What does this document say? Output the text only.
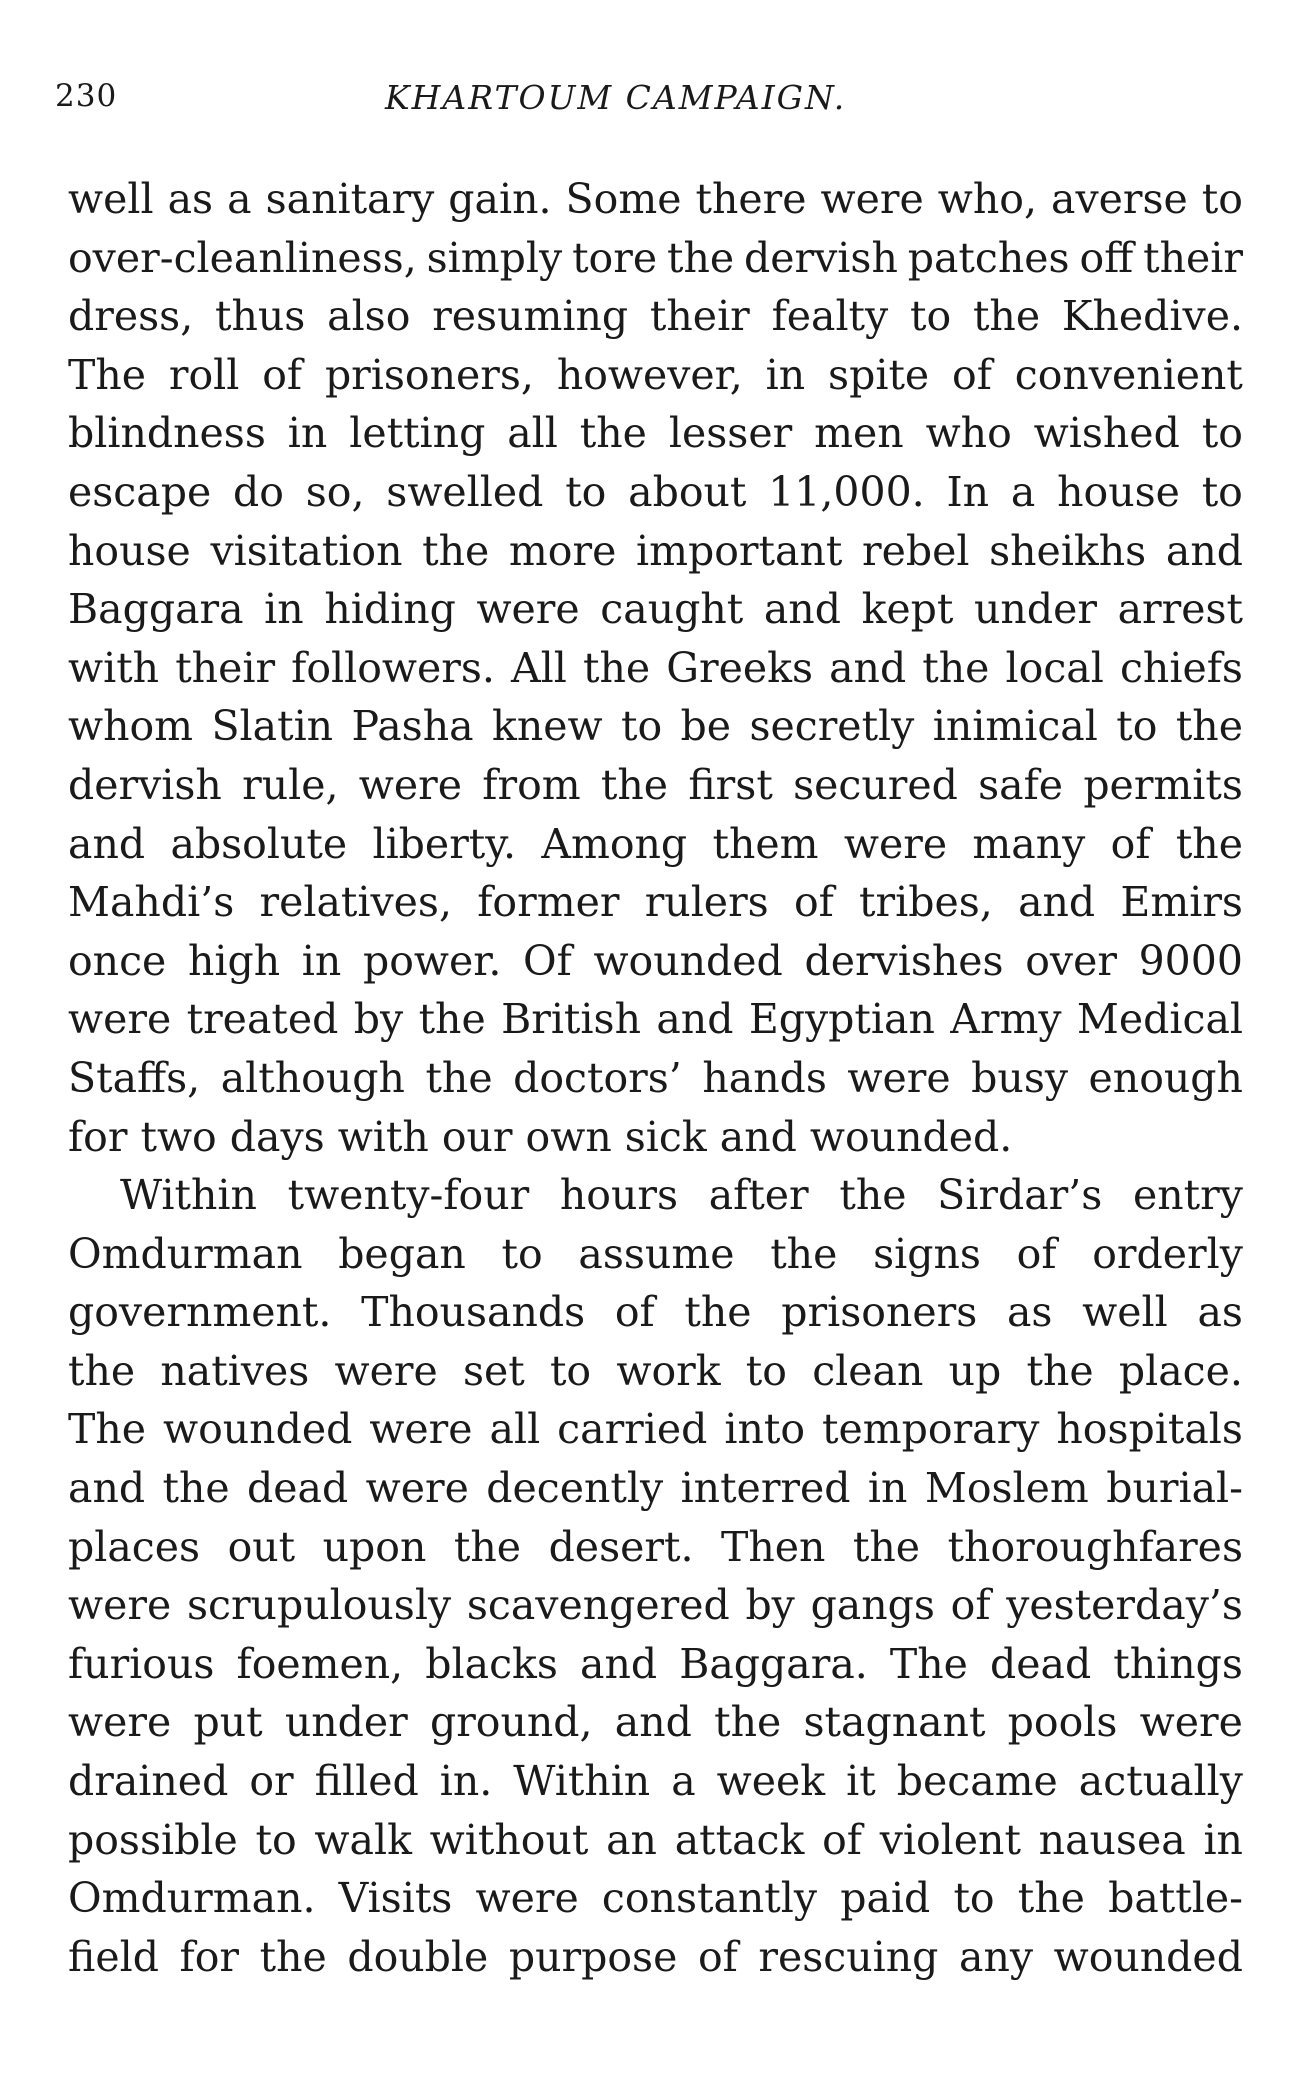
230	KHARTOUM CAMPAIGN.
well as a sanitary gain. Some there were who, averse to
over-cleanliness, simply tore the dervish patches off their
dress, thus also resuming their fealty to the Khedive.
The roll of prisoners, however, in spite of convenient
blindness in letting all the lesser men who wished to
escape do so, swelled to about 11,000. In a house to
house visitation the more important rebel sheikhs and
Baggara in hiding were caught and kept under arrest
with their followers. All the Greeks and the local chiefs
whom Slatin Pasha knew to be secretly inimical to the
dervish rule, were from the first secured safe permits
and absolute liberty. Among them were many of the
Mahdi’s relatives, former rulers of tribes, and Emirs
once high in power. Of wounded dervishes over 9000
were treated by the British and Egyptian Army Medical
Staffs, although the doctors’ hands were busy enough
for two days with our own sick and wounded.
Within twenty-four hours after the Sirdar’s entry
Omdurman began to assume the signs of orderly
government. Thousands of the prisoners as well as
the natives were set to work to clean up the place.
The wounded were all carried into temporary hospitals
and the dead were decently interred in Moslem burial-
places out upon the desert. Then the thoroughfares
were scrupulously scavengered by gangs of yesterday’s
furious foemen, blacks and Baggara. The dead things
were put under ground, and the stagnant pools were
drained or filled in. Within a week it became actually
possible to walk without an attack of violent nausea in
Omdurman. Visits were constantly paid to the battle-
field for the double purpose of rescuing any wounded
